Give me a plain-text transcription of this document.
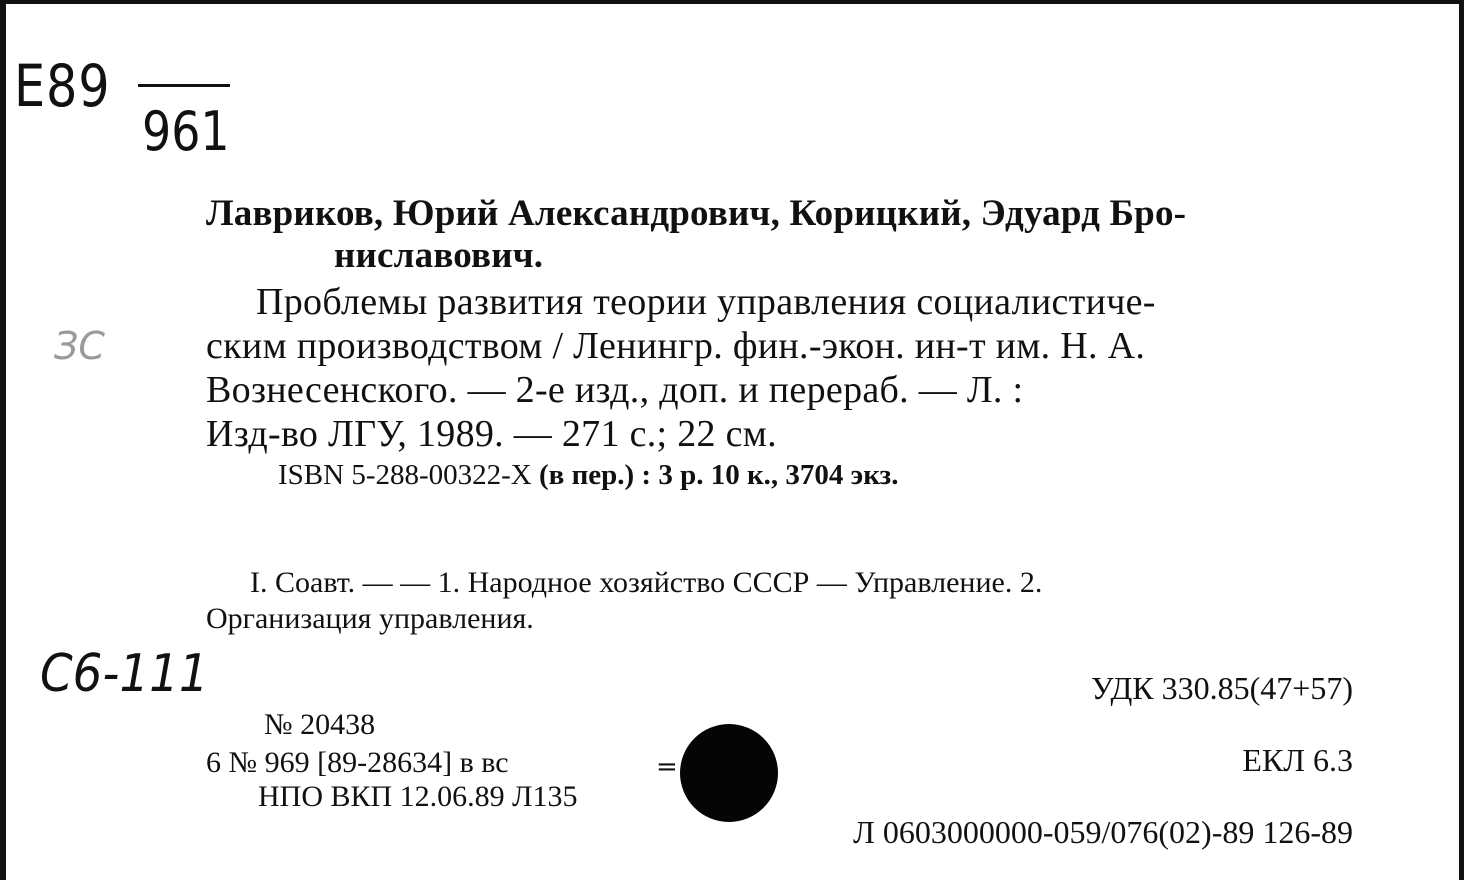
E89
961
ЗС
С6-111
Лавриков, Юрий Александрович, Корицкий, Эдуард Бро-
ниславович.
Проблемы развития теории управления социалистиче-
ским производством / Ленингр. фин.-экон. ин-т им. Н. А.
Вознесенского. — 2-е изд., доп. и перераб. — Л. :
Изд-во ЛГУ, 1989. — 271 с.; 22 см.
ISBN 5-288-00322-X (в пер.) : 3 р. 10 к., 3704 экз.
I. Соавт. — — 1. Народное хозяйство СССР — Управление. 2.
Организация управления.
УДК 330.85(47+57)
ЕКЛ 6.3
Л 0603000000-059/076(02)-89 126-89
№ 20438
6 № 969 [89-28634] в вс
НПО ВКП 12.06.89 Л135
=
